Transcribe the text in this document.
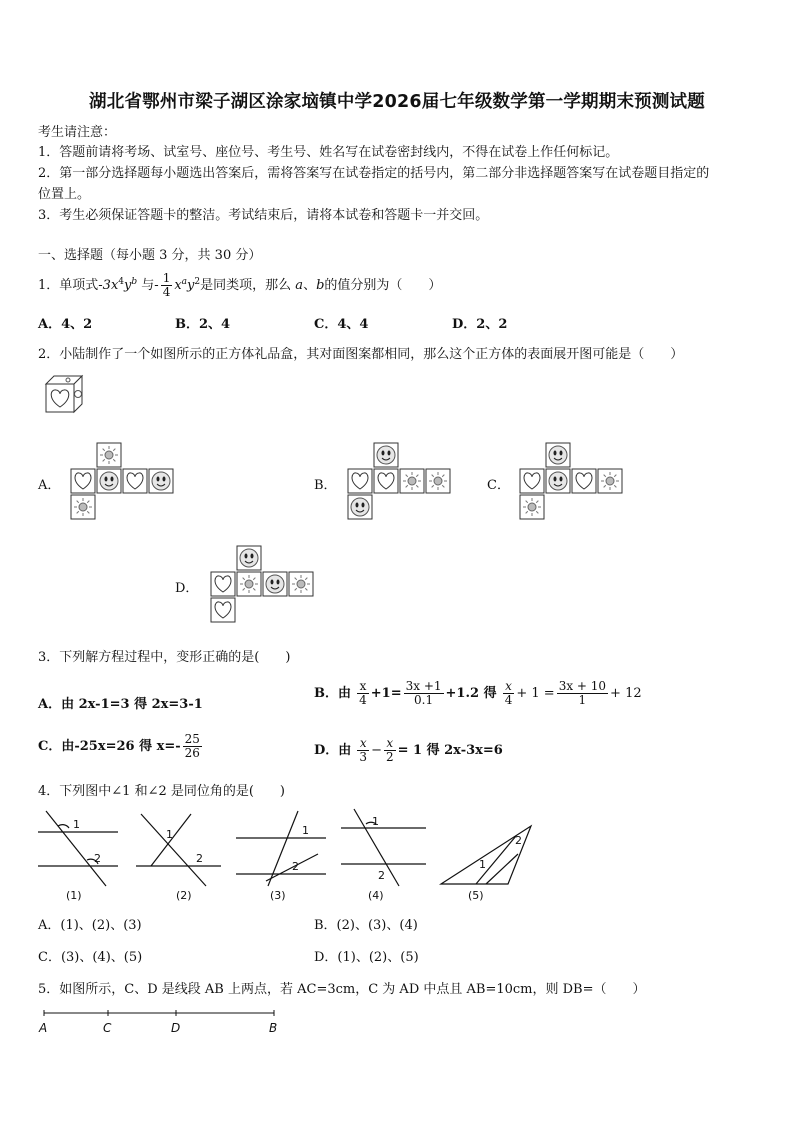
湖北省鄂州市梁子湖区涂家垴镇中学2026届七年级数学第一学期期末预测试题
考生请注意：
1．答题前请将考场、试室号、座位号、考生号、姓名写在试卷密封线内，不得在试卷上作任何标记。
2．第一部分选择题每小题选出答案后，需将答案写在试卷指定的括号内，第二部分非选择题答案写在试卷题目指定的
位置上。
3．考生必须保证答题卡的整洁。考试结束后，请将本试卷和答题卡一并交回。
一、选择题（每小题 3 分，共 30 分）
1．单项式$-3x^4y^b$ 与- $\frac{1}{4} x^ay^2$是同类项，那么 a、b的值分别为（　　）
A．4、2	B．2、4	C．4、4	D．2、2
2．小陆制作了一个如图所示的正方体礼品盒，其对面图案都相同，那么这个正方体的表面展开图可能是（　　）
A．	B．	C．
D．
3．下列解方程过程中，变形正确的是(　　)
A．由 2x-1=3 得 2x=3-1
B．由 $\frac{x}{4} +1= \frac{3x +1}{0.1} +1.2$ 得 $\frac{x}{4} + 1 = \frac{3x + 10}{1} + 12$
C．由-25x=26 得 $x=- \frac{25}{26}$	D．由 $\frac{x}{3} - \frac{x}{2} = 1$ 得 2x-3x=6
4．下列图中∠1 和∠2 是同位角的是(　　)
1
2
(1)
1
2
(2)
1
2
(3)
1
2
(4)
1
2
(5)
A．(1)、(2)、(3)	B．(2)、(3)、(4)
C．(3)、(4)、(5)	D．(1)、(2)、(5)
5．如图所示，C、D 是线段 AB 上两点，若 AC=3cm，C 为 AD 中点且 AB=10cm，则 DB=（　　）
A	C	D	B
